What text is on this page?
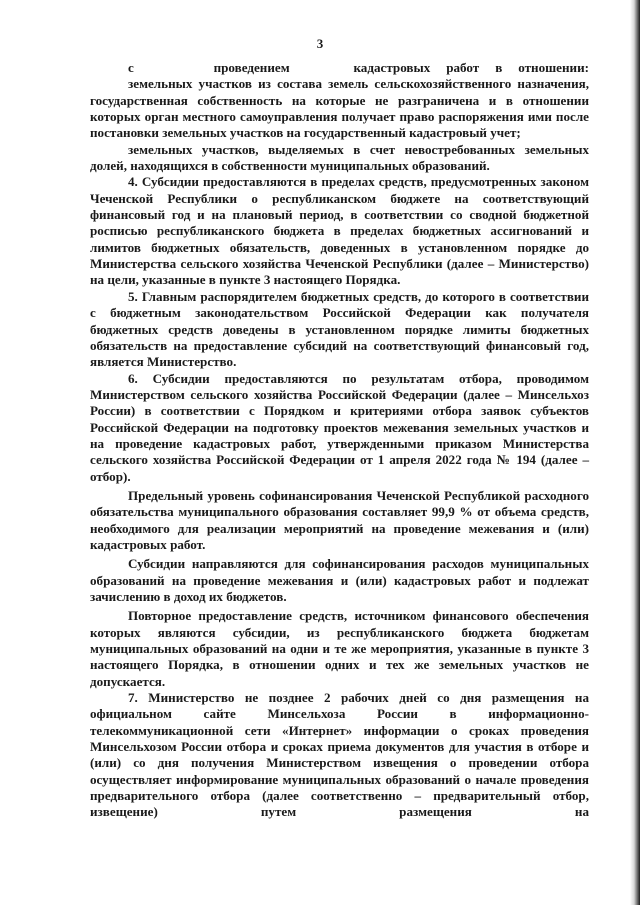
3

с     проведением    кадастровых работ в отношении:

земельных участков из состава земель сельскохозяйственного назначения, государственная собственность на которые не разграничена и в отношении которых орган местного самоуправления получает право распоряжения ими после постановки земельных участков на государственный кадастровый учет;

земельных участков, выделяемых в счет невостребованных земельных долей, находящихся в собственности муниципальных образований.

4. Субсидии предоставляются в пределах средств, предусмотренных законом Чеченской Республики о республиканском бюджете на соответствующий финансовый год и на плановый период, в соответствии со сводной бюджетной росписью республиканского бюджета в пределах бюджетных ассигнований и лимитов бюджетных обязательств, доведенных в установленном порядке до Министерства сельского хозяйства Чеченской Республики (далее – Министерство) на цели, указанные в пункте 3 настоящего Порядка.

5. Главным распорядителем бюджетных средств, до которого в соответствии с бюджетным законодательством Российской Федерации как получателя бюджетных средств доведены в установленном порядке лимиты бюджетных обязательств на предоставление субсидий на соответствующий финансовый год, является Министерство.

6. Субсидии предоставляются по результатам отбора, проводимом Министерством сельского хозяйства Российской Федерации (далее – Минсельхоз России) в соответствии с Порядком и критериями отбора заявок субъектов Российской Федерации на подготовку проектов межевания земельных участков и на проведение кадастровых работ, утвержденными приказом Министерства сельского хозяйства Российской Федерации от 1 апреля 2022 года № 194 (далее – отбор).

Предельный уровень софинансирования Чеченской Республикой расходного обязательства муниципального образования составляет 99,9 % от объема средств, необходимого для реализации мероприятий на проведение межевания и (или) кадастровых работ.

Субсидии направляются для софинансирования расходов муниципальных образований на проведение межевания и (или) кадастровых работ и подлежат зачислению в доход их бюджетов.

Повторное предоставление средств, источником финансового обеспечения которых являются субсидии, из республиканского бюджета бюджетам муниципальных образований на одни и те же мероприятия, указанные в пункте 3 настоящего Порядка, в отношении одних и тех же земельных участков не допускается.

7. Министерство не позднее 2 рабочих дней со дня размещения на официальном сайте Минсельхоза России в информационно-телекоммуникационной сети «Интернет» информации о сроках проведения Минсельхозом России отбора и сроках приема документов для участия в отборе и (или) со дня получения Министерством извещения о проведении отбора осуществляет информирование муниципальных образований о начале проведения предварительного отбора (далее соответственно – предварительный отбор, извещение) путем размещения на
